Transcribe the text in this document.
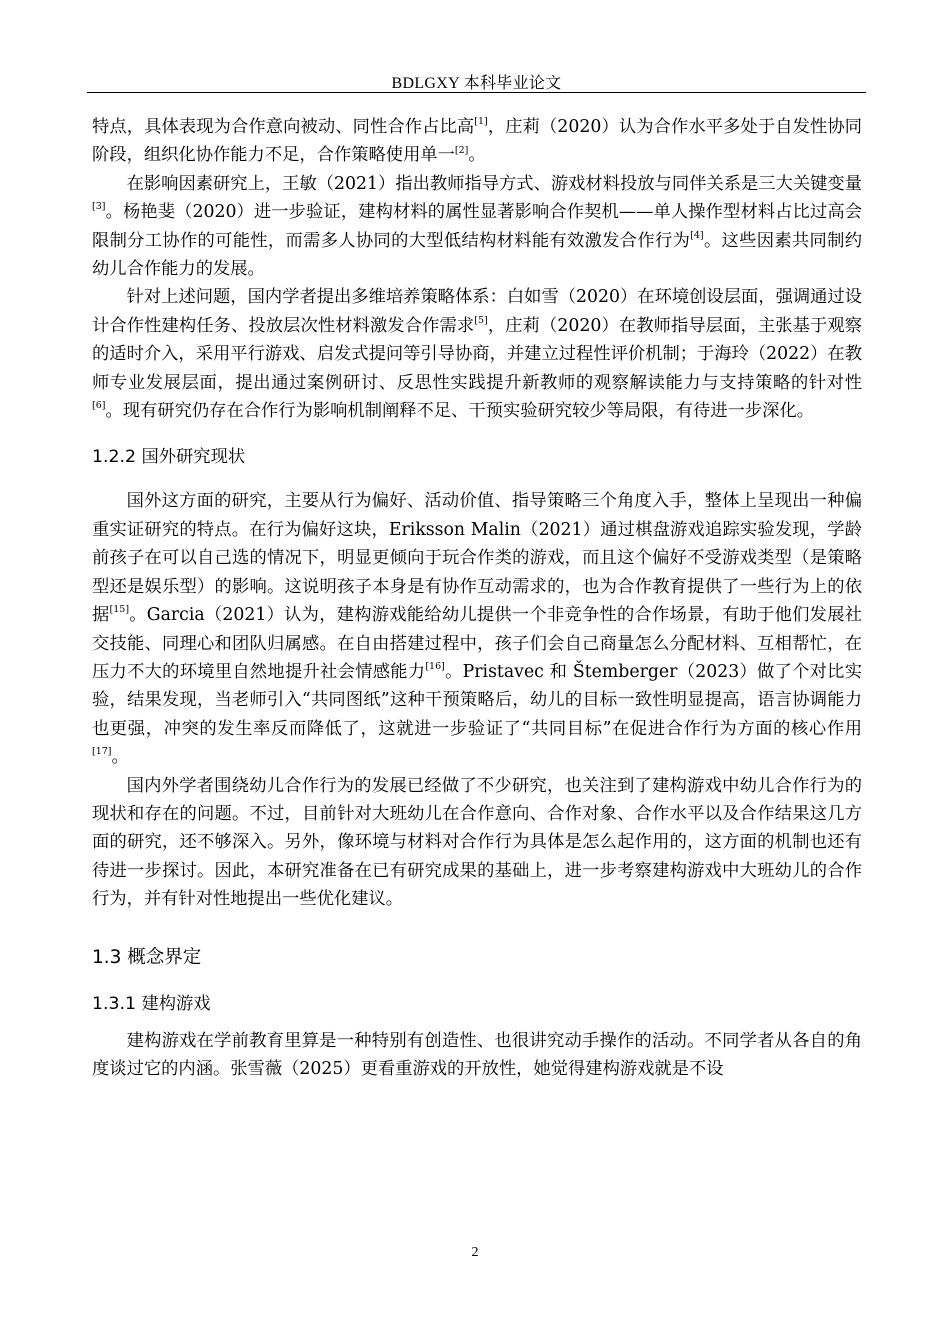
BDLGXY 本科毕业论文

特点，具体表现为合作意向被动、同性合作占比高[1]，庄莉（2020）认为合作水平多处于自发性协同阶段，组织化协作能力不足，合作策略使用单一[2]。

在影响因素研究上，王敏（2021）指出教师指导方式、游戏材料投放与同伴关系是三大关键变量[3]。杨艳斐（2020）进一步验证，建构材料的属性显著影响合作契机——单人操作型材料占比过高会限制分工协作的可能性，而需多人协同的大型低结构材料能有效激发合作行为[4]。这些因素共同制约幼儿合作能力的发展。

针对上述问题，国内学者提出多维培养策略体系：白如雪（2020）在环境创设层面，强调通过设计合作性建构任务、投放层次性材料激发合作需求[5]，庄莉（2020）在教师指导层面，主张基于观察的适时介入，采用平行游戏、启发式提问等引导协商，并建立过程性评价机制；于海玲（2022）在教师专业发展层面，提出通过案例研讨、反思性实践提升新教师的观察解读能力与支持策略的针对性[6]。现有研究仍存在合作行为影响机制阐释不足、干预实验研究较少等局限，有待进一步深化。

1.2.2 国外研究现状

国外这方面的研究，主要从行为偏好、活动价值、指导策略三个角度入手，整体上呈现出一种偏重实证研究的特点。在行为偏好这块，Eriksson Malin（2021）通过棋盘游戏追踪实验发现，学龄前孩子在可以自己选的情况下，明显更倾向于玩合作类的游戏，而且这个偏好不受游戏类型（是策略型还是娱乐型）的影响。这说明孩子本身是有协作互动需求的，也为合作教育提供了一些行为上的依据[15]。Garcia（2021）认为，建构游戏能给幼儿提供一个非竞争性的合作场景，有助于他们发展社交技能、同理心和团队归属感。在自由搭建过程中，孩子们会自己商量怎么分配材料、互相帮忙，在压力不大的环境里自然地提升社会情感能力[16]。Pristavec 和 Štemberger（2023）做了个对比实验，结果发现，当老师引入“共同图纸”这种干预策略后，幼儿的目标一致性明显提高，语言协调能力也更强，冲突的发生率反而降低了，这就进一步验证了“共同目标”在促进合作行为方面的核心作用[17]。

国内外学者围绕幼儿合作行为的发展已经做了不少研究，也关注到了建构游戏中幼儿合作行为的现状和存在的问题。不过，目前针对大班幼儿在合作意向、合作对象、合作水平以及合作结果这几方面的研究，还不够深入。另外，像环境与材料对合作行为具体是怎么起作用的，这方面的机制也还有待进一步探讨。因此，本研究准备在已有研究成果的基础上，进一步考察建构游戏中大班幼儿的合作行为，并有针对性地提出一些优化建议。

1.3 概念界定
1.3.1 建构游戏

建构游戏在学前教育里算是一种特别有创造性、也很讲究动手操作的活动。不同学者从各自的角度谈过它的内涵。张雪薇（2025）更看重游戏的开放性，她觉得建构游戏就是不设

2
